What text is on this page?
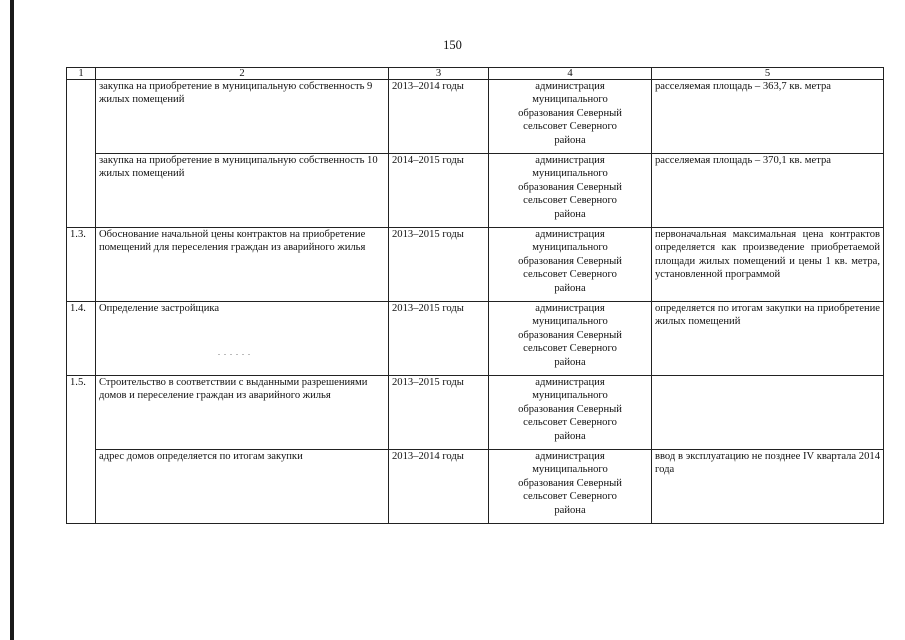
150
1	2	3	4	5
	закупка на приобретение в муниципальную собственность 9 жилых помещений	2013–2014 годы	администрация
муниципального
образования Северный
сельсовет Северного
района	расселяемая площадь – 363,7 кв. метра
	закупка на приобретение в муниципальную собственность 10 жилых помещений	2014–2015 годы	администрация
муниципального
образования Северный
сельсовет Северного
района	расселяемая площадь – 370,1 кв. метра
1.3.	Обоснование начальной цены контрактов на приобретение помещений для переселения граждан из аварийного жилья	2013–2015 годы	администрация
муниципального
образования Северный
сельсовет Северного
района	первоначальная максимальная цена контрактов определяется как произведение приобретаемой площади жилых помещений и цены 1 кв. метра, установленной программой
1.4.	Определение застройщика	2013–2015 годы	администрация
муниципального
образования Северный
сельсовет Северного
района	определяется по итогам закупки на приобретение жилых помещений
1.5.	Строительство в соответствии с выданными разрешениями домов и переселение граждан из аварийного жилья	2013–2015 годы	администрация
муниципального
образования Северный
сельсовет Северного
района	

	адрес домов определяется по итогам закупки	2013–2014 годы	администрация
муниципального
образования Северный
сельсовет Северного
района	ввод в эксплуатацию не позднее IV квартала 2014 года
